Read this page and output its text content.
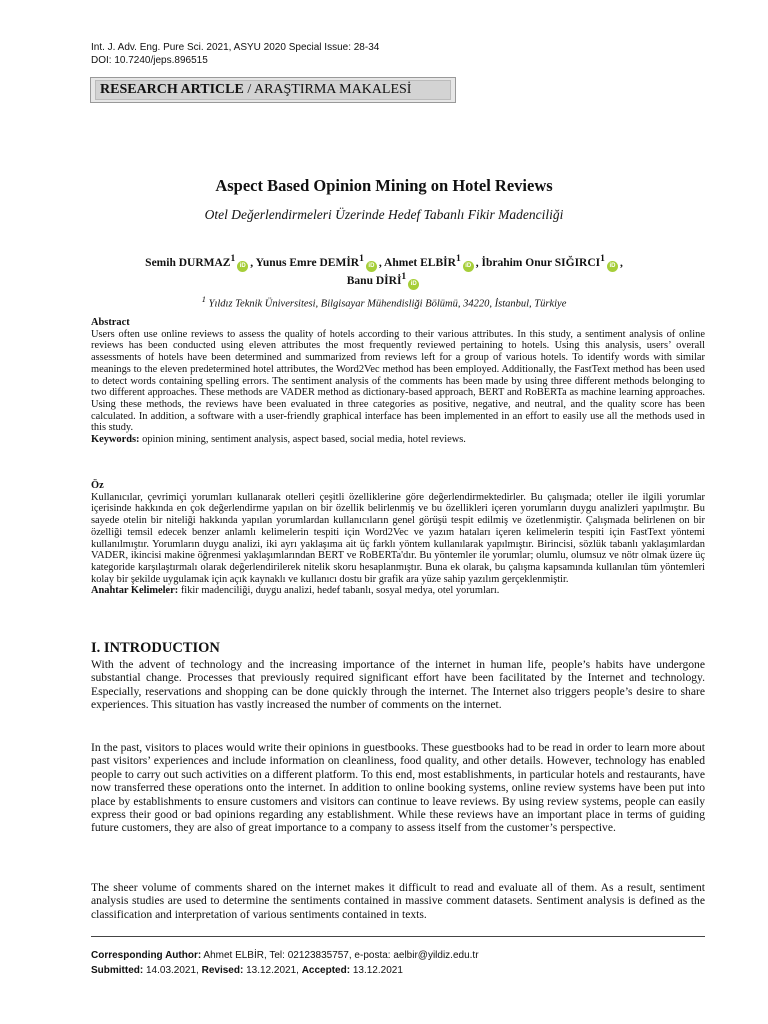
Int. J. Adv. Eng. Pure Sci. 2021, ASYU 2020 Special Issue: 28-34
DOI: 10.7240/jeps.896515
RESEARCH ARTICLE / ARAŞTIRMA MAKALESİ
Aspect Based Opinion Mining on Hotel Reviews
Otel Değerlendirmeleri Üzerinde Hedef Tabanlı Fikir Madenciliği
Semih DURMAZ$^1$iD , Yunus Emre DEMİR$^1$iD , Ahmet ELBİR$^1$iD , İbrahim Onur SIĞIRCI$^1$iD ,
Banu DİRİ$^1$iD
$^1$ Yıldız Teknik Üniversitesi, Bilgisayar Mühendisliği Bölümü, 34220, İstanbul, Türkiye
Abstract
Users often use online reviews to assess the quality of hotels according to their various attributes. In this study, a sentiment analysis of online reviews has been conducted using eleven attributes the most frequently reviewed pertaining to hotels. Using this analysis, users’ overall assessments of hotels have been determined and summarized from reviews left for a group of various hotels. To identify words with similar meanings to the eleven predetermined hotel attributes, the Word2Vec method has been employed. Additionally, the FastText method has been used to detect words containing spelling errors. The sentiment analysis of the comments has been made by using three different methods belonging to two different approaches. These methods are VADER method as dictionary-based approach, BERT and RoBERTa as machine learning approaches. Using these methods, the reviews have been evaluated in three categories as positive, negative, and neutral, and the quality score has been calculated. In addition, a software with a user-friendly graphical interface has been implemented in an effort to easily use all the methods used in this study.
Keywords: opinion mining, sentiment analysis, aspect based, social media, hotel reviews.
Öz
Kullanıcılar, çevrimiçi yorumları kullanarak otelleri çeşitli özelliklerine göre değerlendirmektedirler. Bu çalışmada; oteller ile ilgili yorumlar içerisinde hakkında en çok değerlendirme yapılan on bir özellik belirlenmiş ve bu özellikleri içeren yorumların duygu analizleri yapılmıştır. Bu sayede otelin bir niteliği hakkında yapılan yorumlardan kullanıcıların genel görüşü tespit edilmiş ve özetlenmiştir. Çalışmada belirlenen on bir özelliği temsil edecek benzer anlamlı kelimelerin tespiti için Word2Vec ve yazım hataları içeren kelimelerin tespiti için FastText yöntemi kullanılmıştır. Yorumların duygu analizi, iki ayrı yaklaşıma ait üç farklı yöntem kullanılarak yapılmıştır. Birincisi, sözlük tabanlı yaklaşımlardan VADER, ikincisi makine öğrenmesi yaklaşımlarından BERT ve RoBERTa'dır. Bu yöntemler ile yorumlar; olumlu, olumsuz ve nötr olmak üzere üç kategoride karşılaştırmalı olarak değerlendirilerek nitelik skoru hesaplanmıştır. Buna ek olarak, bu çalışma kapsamında kullanılan tüm yöntemleri kolay bir şekilde uygulamak için açık kaynaklı ve kullanıcı dostu bir grafik ara yüze sahip yazılım gerçeklenmiştir.
Anahtar Kelimeler: fikir madenciliği, duygu analizi, hedef tabanlı, sosyal medya, otel yorumları.
I. INTRODUCTION
With the advent of technology and the increasing importance of the internet in human life, people’s habits have undergone substantial change. Processes that previously required significant effort have been facilitated by the Internet and technology. Especially, reservations and shopping can be done quickly through the internet. The Internet also triggers people’s desire to share experiences. This situation has vastly increased the number of comments on the internet.
In the past, visitors to places would write their opinions in guestbooks. These guestbooks had to be read in order to learn more about past visitors’ experiences and include information on cleanliness, food quality, and other details. However, technology has enabled people to carry out such activities on a different platform. To this end, most establishments, in particular hotels and restaurants, have now transferred these operations onto the internet. In addition to online booking systems, online review systems have been put into place by establishments to ensure customers and visitors can continue to leave reviews. By using review systems, people can easily express their good or bad opinions regarding any establishment. While these reviews have an important place in terms of guiding future customers, they are also of great importance to a company to assess itself from the customer’s perspective.
The sheer volume of comments shared on the internet makes it difficult to read and evaluate all of them. As a result, sentiment analysis studies are used to determine the sentiments contained in massive comment datasets. Sentiment analysis is defined as the classification and interpretation of various sentiments contained in texts.
Corresponding Author: Ahmet ELBİR, Tel: 02123835757, e-posta: aelbir@yildiz.edu.tr
Submitted: 14.03.2021, Revised: 13.12.2021, Accepted: 13.12.2021
